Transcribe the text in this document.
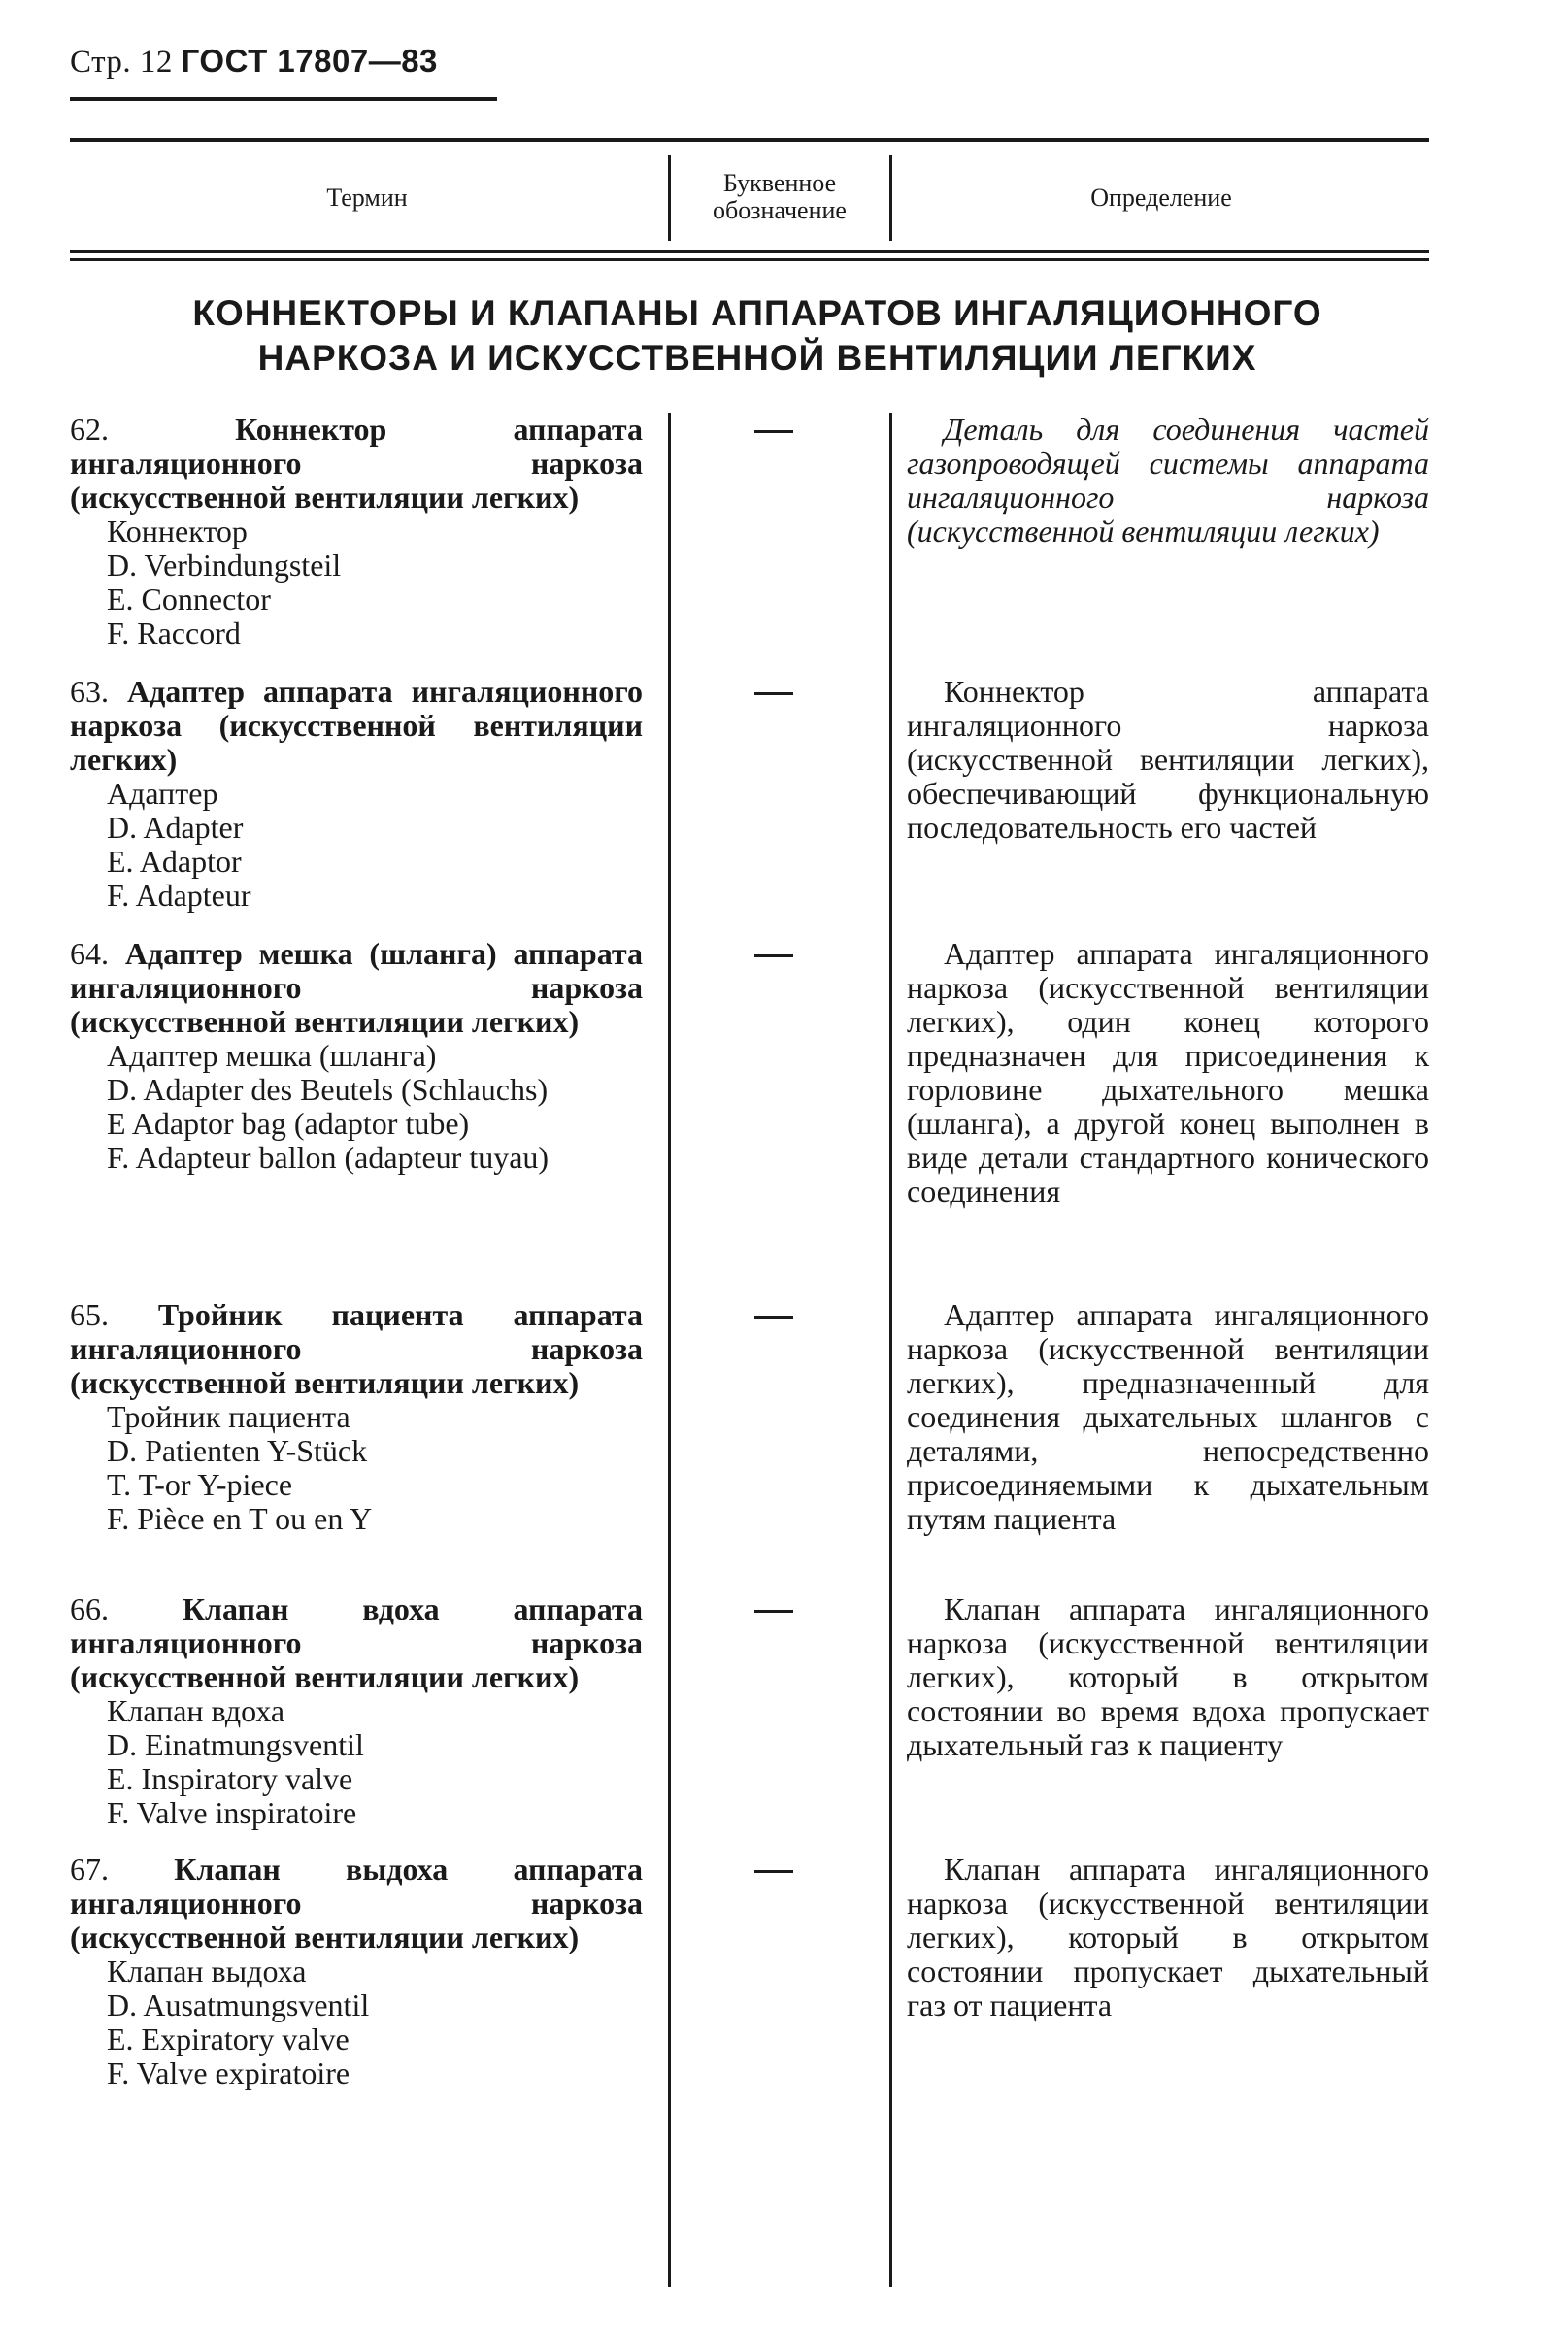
Стр. 12 ГОСТ 17807—83
Термин
Буквенное
обозначение	Определение
КОННЕКТОРЫ И КЛАПАНЫ АППАРАТОВ ИНГАЛЯЦИОННОГО
НАРКОЗА И ИСКУССТВЕННОЙ ВЕНТИЛЯЦИИ ЛЕГКИХ
62.	Коннектор аппарата ингаляционного наркоза (искусственной вентиляции легких)
Коннектор
D. Verbindungsteil
E. Connector
F. Raccord
Деталь для соединения частей газопроводящей системы аппарата ингаляционного наркоза (искусственной вентиляции легких)
63. Адаптер аппарата ингаляционного наркоза (искусственной вентиляции легких)
Адаптер
D. Adapter
E. Adaptor
F. Adapteur
Коннектор аппарата ингаляционного наркоза (искусственной вентиляции легких), обеспечивающий функциональную последовательность его частей
64. Адаптер мешка (шланга) аппарата ингаляционного наркоза (искусственной вентиляции легких)
Адаптер мешка (шланга)
D. Adapter des Beutels (Schlauchs)
E Adaptor bag (adaptor tube)
F. Adapteur ballon (adapteur tuyau)
Адаптер аппарата ингаляционного наркоза (искусственной вентиляции легких), один конец которого предназначен для присоединения к горловине дыхательного мешка (шланга), а другой конец выполнен в виде детали стандартного конического соединения
65. Тройник пациента аппарата ингаляционного наркоза (искусственной вентиляции легких)
Тройник пациента
D. Patienten Y-Stück
T. T-or Y-piece
F. Pièce en T ou en Y
Адаптер аппарата ингаляционного наркоза (искусственной вентиляции легких), предназначенный для соединения дыхательных шлангов с деталями, непосредственно присоединяемыми к дыхательным путям пациента
66. Клапан вдоха аппарата ингаляционного наркоза (искусственной вентиляции легких)
Клапан вдоха
D. Einatmungsventil
E. Inspiratory valve
F. Valve inspiratoire
Клапан аппарата ингаляционного наркоза (искусственной вентиляции легких), который в открытом состоянии во время вдоха пропускает дыхательный газ к пациенту
67. Клапан выдоха аппарата ингаляционного наркоза (искусственной вентиляции легких)
Клапан выдоха
D. Ausatmungsventil
E. Expiratory valve
F. Valve expiratoire
Клапан аппарата ингаляционного наркоза (искусственной вентиляции легких), который в открытом состоянии пропускает дыхательный газ от пациента
